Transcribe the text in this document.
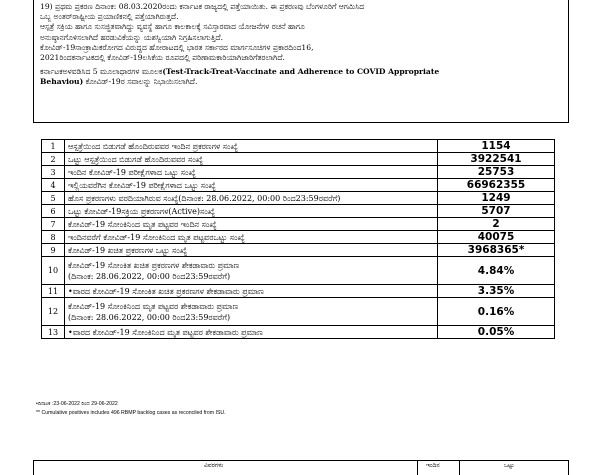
19) ಪ್ರಥಮ ಪ್ರಕರಣ ದಿನಾಂಕ: 08.03.2020ರಂದು ಕರ್ನಾಟಕ ರಾಜ್ಯದಲ್ಲಿ ಪತ್ತೆಯಾಯಿತು. ಈ ಪ್ರಕರಣವು ಬೆಂಗಳೂರಿಗೆ ಆಗಮಿಸಿದ

ಒಬ್ಬ ಅಂತರ್‌ರಾಷ್ಟ್ರೀಯ ಪ್ರಯಾಣಿಕನಲ್ಲಿ ಪತ್ತೆಯಾಗಿರುತ್ತದೆ.

ಆಸ್ಪತ್ರೆ ಸಕ್ರಿಯ ಹಾಗೂ ಸುಸಜ್ಜಿತವಾಗಿದ್ದು ವ್ಯವಸ್ಥೆ ಹಾಗೂ ಕಾಲಕಾಲಕ್ಕೆ ಸವಿಸ್ತಾರವಾದ ಯೋಜನೆಗಳ ರಚನೆ ಹಾಗೂ

ಅನುಷ್ಠಾನಗೊಳಿಸಲಾಗಿದೆ ಹರಡುವಿಕೆಯನ್ನು ಯಶಸ್ವಿಯಾಗಿ ನಿಗ್ರಹಿಸಲಾಗುತ್ತಿದೆ.

ಕೋವಿಡ್-19ಸಾಂಕ್ರಾಮಿಕರೋಗದ ವಿರುದ್ಧದ ಹೋರಾಟದಲ್ಲಿ ಭಾರತ ಸರ್ಕಾರದ ಮಾರ್ಗಸೂಚಿಗಳ ಪ್ರಕಾರದಿಂದ16,

2021ರಿಂದಕರ್ನಾಟಕದಲ್ಲಿ ಕೋವಿಡ್-19ಲಸಿಕೆಯ ರೂಪದಲ್ಲಿ ಪರಿಣಾಮಕಾರಿಯಾಗಿಜಾರಿಗೆತರಲಾಗಿದೆ.

ಕರ್ನಾಟಕಅಳವಡಿಸಿದ 5 ಮೂಲಾಧಾರಗಳ ಮೂಲಕ(Test-Track-Treat-Vaccinate and Adherence to COVID Appropriate

Behaviou) ಕೋವಿಡ್-19ರ ಸವಾಲನ್ನು ನಿಭಾಯಿಸಲಾಗಿದೆ.

1	ಆಸ್ಪತ್ರೆಯಿಂದ ಬಿಡುಗಡೆ ಹೊಂದಿರುವವರ ಇಂದಿನ ಪ್ರಕರಣಗಳ ಸಂಖ್ಯೆ	1154
2	ಒಟ್ಟು ಆಸ್ಪತ್ರೆಯಿಂದ ಬಿಡುಗಡೆ ಹೊಂದಿರುವವರ ಸಂಖ್ಯೆ	3922541
3	ಇಂದಿನ ಕೋವಿಡ್-19 ಪರೀಕ್ಷೆಗಳಾದ ಒಟ್ಟು ಸಂಖ್ಯೆ	25753
4	ಇಲ್ಲಿಯವರೆಗಿನ ಕೋವಿಡ್-19 ಪರೀಕ್ಷೆಗಳಾದ ಒಟ್ಟು ಸಂಖ್ಯೆ	66962355
5	ಹೊಸ ಪ್ರಕರಣಗಳು ವರದಿಯಾಗಿರುವ ಸಂಖ್ಯೆ(ದಿನಾಂಕ: 28.06.2022, 00:00 ರಿಂದ23:59ರವರೆಗೆ)	1249
6	ಒಟ್ಟು ಕೋವಿಡ್-19ಸಕ್ರಿಯ ಪ್ರಕರಣಗಳ(Active)ಸಂಖ್ಯೆ	5707
7	ಕೋವಿಡ್-19 ಸೋಂಕಿನಿಂದ ಮೃತ ಪಟ್ಟವರ ಇಂದಿನ ಸಂಖ್ಯೆ	2
8	ಇಂದಿನವರೆಗೆ ಕೋವಿಡ್-19 ಸೋಂಕಿನಿಂದ ಮೃತ ಪಟ್ಟವರಒಟ್ಟು ಸಂಖ್ಯೆ	40075
9	ಕೋವಿಡ್-19 ಖಚಿತ ಪ್ರಕರಣಗಳ ಒಟ್ಟು ಸಂಖ್ಯೆ	3968365*
10	ಕೋವಿಡ್-19 ಸೋಂಕಿತ ಖಚಿತ ಪ್ರಕರಣಗಳ ಶೇಕಡಾವಾರು ಪ್ರಮಾಣ
(ದಿನಾಂಕ: 28.06.2022, 00:00 ರಿಂದ23:59ರವರೆಗೆ)	4.84%
11	•ವಾರದ ಕೋವಿಡ್-19 ಸೋಂಕಿತ ಖಚಿತ ಪ್ರಕರಣಗಳ ಶೇಕಡಾವಾರು ಪ್ರಮಾಣ	3.35%
12	ಕೋವಿಡ್-19 ಸೋಂಕಿನಿಂದ ಮೃತ ಪಟ್ಟವರ ಶೇಕಡಾವಾರು ಪ್ರಮಾಣ
(ದಿನಾಂಕ: 28.06.2022, 00:00 ರಿಂದ23:59ರವರೆಗೆ)	0.16%
13	•ವಾರದ ಕೋವಿಡ್-19 ಸೋಂಕಿನಿಂದ ಮೃತ ಪಟ್ಟವರ ಶೇಕಡಾವಾರು ಪ್ರಮಾಣ	0.05%
•ದಿನಾಂಕ :23-06-2022 ರಿಂದ 29-06-2022
** Cumulative positives includes 496 RBMP backlog cases as reconciled from ISU.
ವಿವರಗಳು	ಇಂದಿನ	ಒಟ್ಟು
